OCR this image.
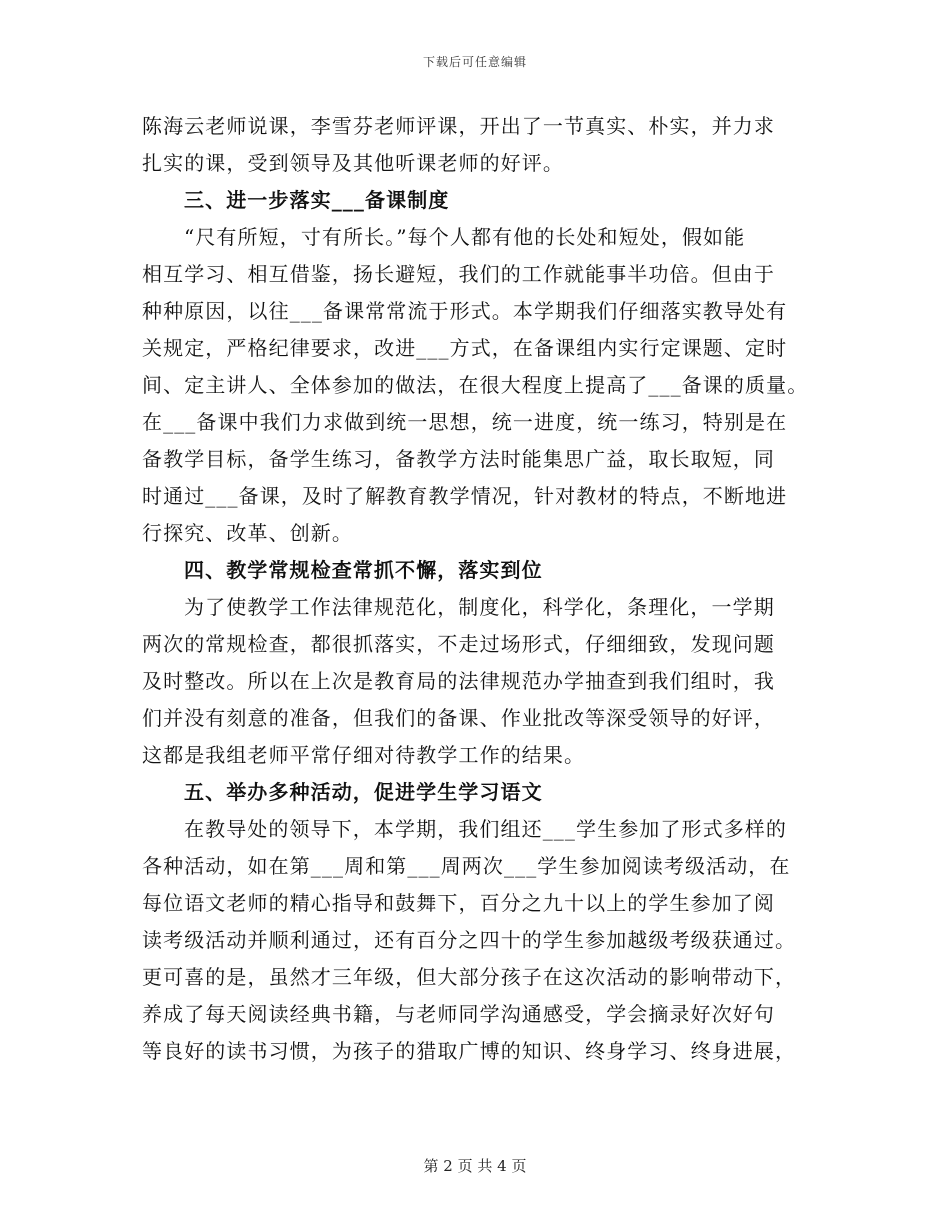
下载后可任意编辑
陈海云老师说课，李雪芬老师评课，开出了一节真实、朴实，并力求
扎实的课，受到领导及其他听课老师的好评。
三、进一步落实___备课制度
“尺有所短，寸有所长。”每个人都有他的长处和短处，假如能
相互学习、相互借鉴，扬长避短，我们的工作就能事半功倍。但由于
种种原因，以往___备课常常流于形式。本学期我们仔细落实教导处有
关规定，严格纪律要求，改进___方式，在备课组内实行定课题、定时
间、定主讲人、全体参加的做法，在很大程度上提高了___备课的质量。
在___备课中我们力求做到统一思想，统一进度，统一练习，特别是在
备教学目标，备学生练习，备教学方法时能集思广益，取长取短，同
时通过___备课，及时了解教育教学情况，针对教材的特点，不断地进
行探究、改革、创新。
四、教学常规检查常抓不懈，落实到位
为了使教学工作法律规范化，制度化，科学化，条理化，一学期
两次的常规检查，都很抓落实，不走过场形式，仔细细致，发现问题
及时整改。所以在上次是教育局的法律规范办学抽查到我们组时，我
们并没有刻意的准备，但我们的备课、作业批改等深受领导的好评，
这都是我组老师平常仔细对待教学工作的结果。
五、举办多种活动，促进学生学习语文
在教导处的领导下，本学期，我们组还___学生参加了形式多样的
各种活动，如在第___周和第___周两次___学生参加阅读考级活动，在
每位语文老师的精心指导和鼓舞下，百分之九十以上的学生参加了阅
读考级活动并顺利通过，还有百分之四十的学生参加越级考级获通过。
更可喜的是，虽然才三年级，但大部分孩子在这次活动的影响带动下，
养成了每天阅读经典书籍，与老师同学沟通感受，学会摘录好次好句
等良好的读书习惯，为孩子的猎取广博的知识、终身学习、终身进展，
第 2 页 共 4 页
